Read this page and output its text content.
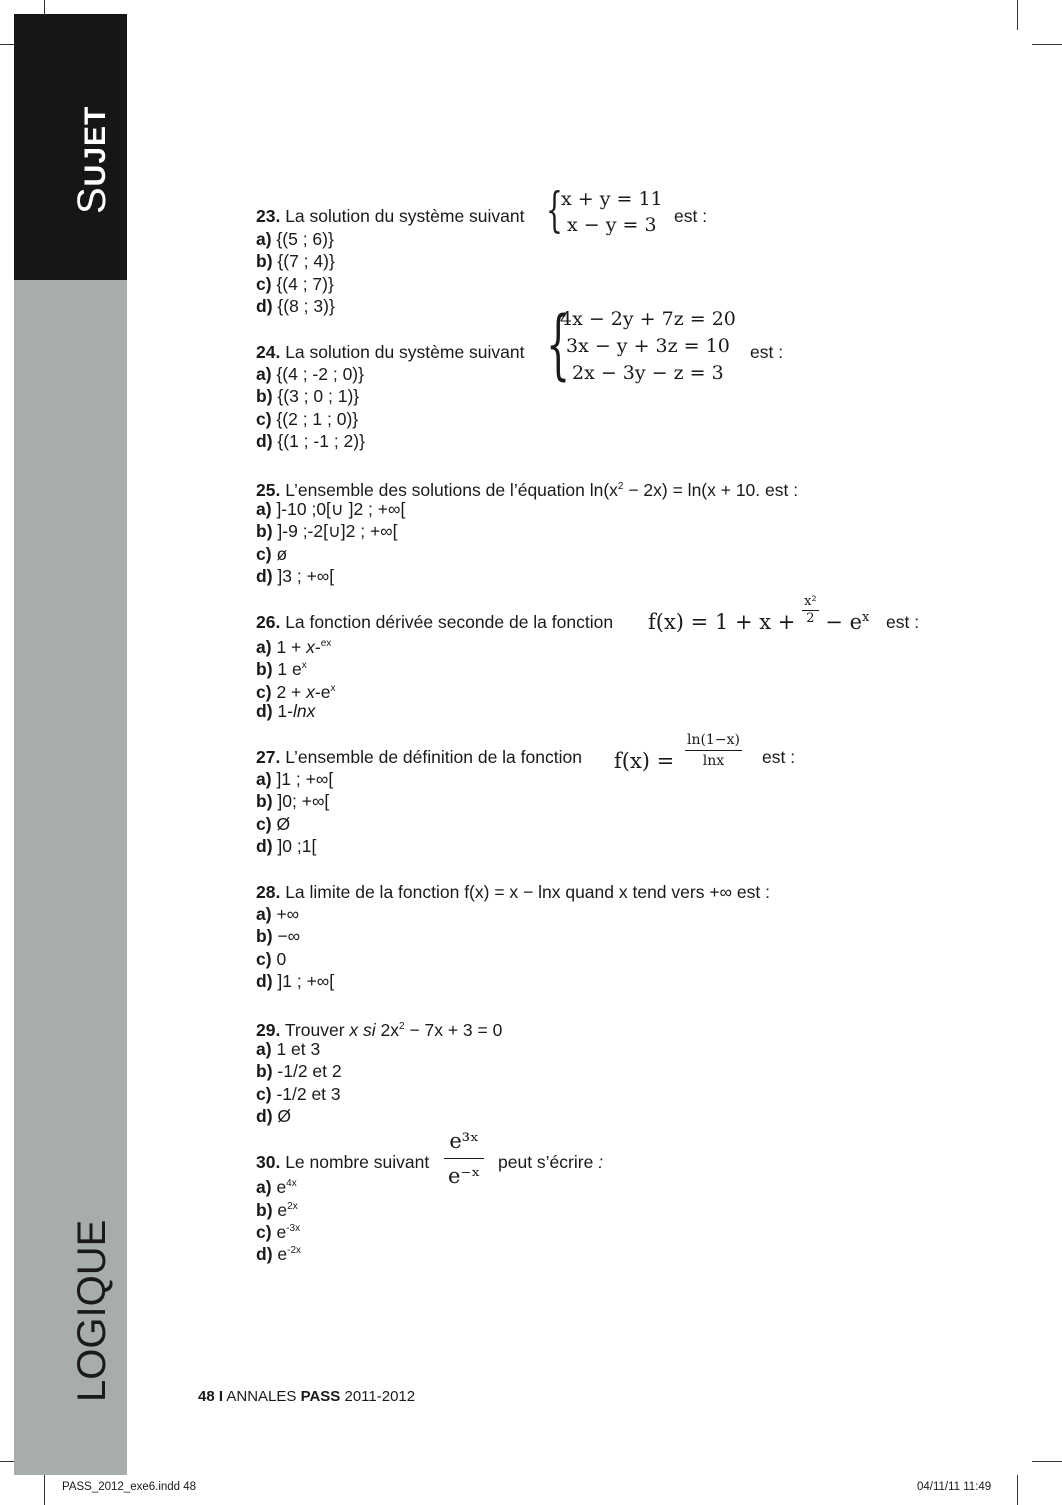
SUJET
LOGIQUE
23. La solution du système suivant {
x + y = 11
x − y = 3 est :
a) {(5 ; 6)}
b) {(7 ; 4)}
c) {(4 ; 7)}
d) {(8 ; 3)}
24. La solution du système suivant {
4x − 2y + 7z = 20
3x − y + 3z = 10
2x − 3y − z = 3
est :
a) {(4 ; -2 ; 0)}
b) {(3 ; 0 ; 1)}
c) {(2 ; 1 ; 0)}
d) {(1 ; -1 ; 2)}
25. L’ensemble des solutions de l’équation $\ln(x^2 - 2x) = \ln(x + 10$. est :
a) ]-10 ;0[∪ ]2 ; +∞[
b) ]-9 ;-2[∪]2 ; +∞[
c) ø
d) ]3 ; +∞[
26. La fonction dérivée seconde de la fonction $f(x) = 1 + x + \frac{\text{x²}}{2} - e^x$ est :
a) 1 + x-$^{ex}$
b) 1 $e^x$
c) $2 + x-e^x$
d) 1-lnx
27. L’ensemble de définition de la fonction $f(x) = \frac{\ln(1-x)}{\ln x}$ est :
a) ]1 ; +∞[
b) ]0; +∞[
c) Ø
d) ]0 ;1[
28. La limite de la fonction f(x) = x − lnx quand x tend vers +∞ est :
a) +∞
b) −∞
c) 0
d) ]1 ; +∞[
29. Trouver x si $2x^2 - 7x + 3 = 0$
a) 1 et 3
b) -1/2 et 2
c) -1/2 et 3
d) Ø
30. Le nombre suivant $\frac{\text{e³ˣ}}{\text{e⁻ˣ}}$ peut s’écrire :
a) $e^{4x}$
b) $e^{2x}$
c) $e^{-3x}$
d) $e^{-2x}$
48 I ANNALES PASS 2011-2012
PASS_2012_exe6.indd 48	04/11/11 11:49
